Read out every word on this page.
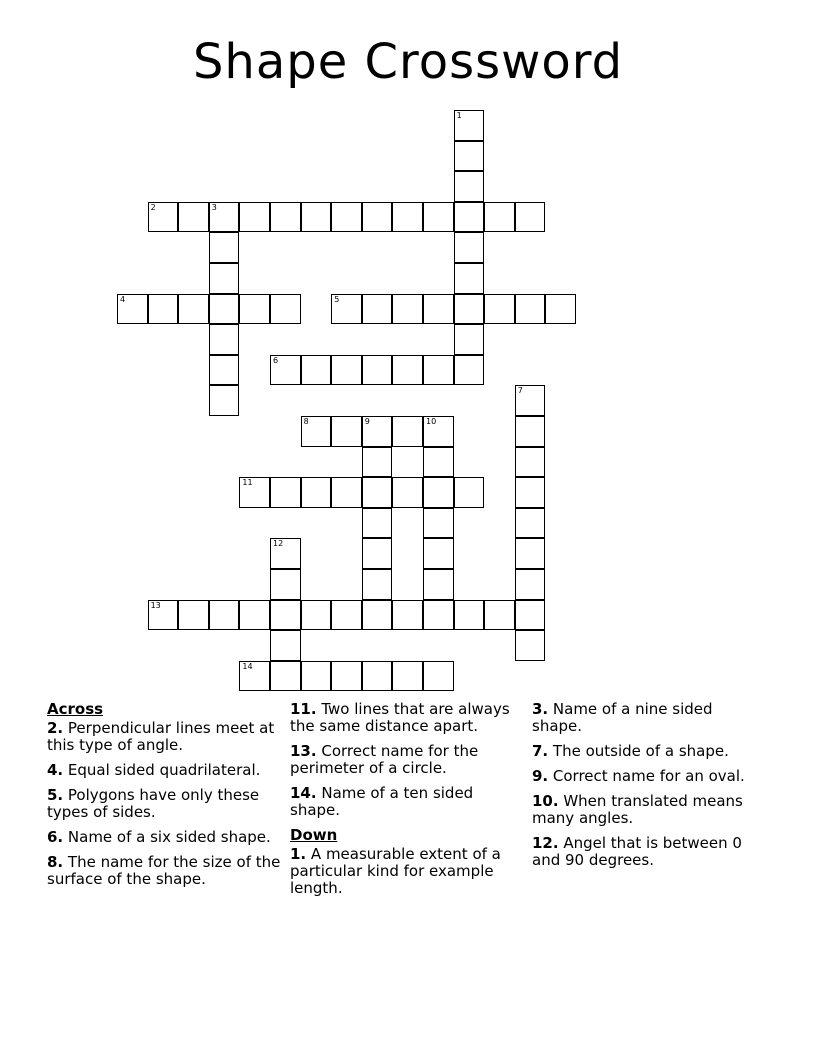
Shape Crossword
1
2	3
4	5
6
7
8	9	10
11
12
13
14
Across

2. Perpendicular lines meet at this type of angle.

4. Equal sided quadrilateral.

5. Polygons have only these types of sides.

6. Name of a six sided shape.

8. The name for the size of the surface of the shape.

11. Two lines that are always the same distance apart.

13. Correct name for the perimeter of a circle.

14. Name of a ten sided shape.

Down

1. A measurable extent of a particular kind for example length.

3. Name of a nine sided shape.

7. The outside of a shape.

9. Correct name for an oval.

10. When translated means many angles.

12. Angel that is between 0 and 90 degrees.
